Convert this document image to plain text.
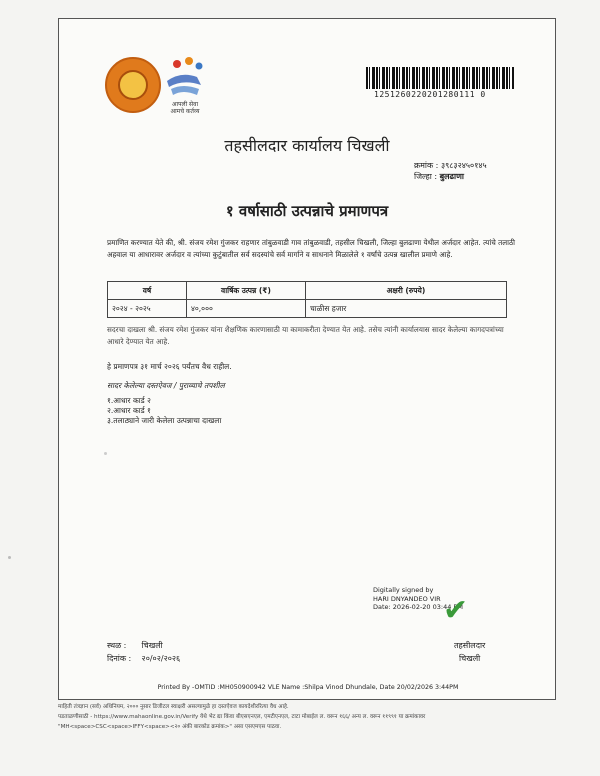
आपली सेवा
आमचे कर्तव्य
1251260220201280111 0
तहसीलदार कार्यालय चिखली
क्रमांक : ३९८३२४५०१४५
जिल्हा : बुलढाणा
१ वर्षासाठी उत्पन्नाचे प्रमाणपत्र
प्रमाणित करण्यात येते की, श्री. संजय रमेश गुंजकर राहणार तांबुळवाडी गाव तांबुळवाडी, तहसील चिखली, जिल्हा बुलढाणा येथील अर्जदार आहेत. त्यांचे तलाठी अहवाल या आधारावर अर्जदार व त्यांच्या कुटुंबातील सर्व सदस्यांचे सर्व मार्गाने व साधनाने मिळालेले १ वर्षांचे उत्पन्न खालील प्रमाणे आहे.
वर्ष	वार्षिक उत्पन्न (₹)	अक्षरी (रुपये)
२०२४ - २०२५	४०,०००	चाळीस हजार
सदरचा दाखला श्री. संजय रमेश गुंजकर यांना शैक्षणिक कारणासाठी या कामाकरीता देण्यात येत आहे. तसेच त्यांनी कार्यालयास सादर केलेल्या कागदपत्रांच्या आधारे देण्यात येत आहे.
हे प्रमाणपत्र ३१ मार्च २०२६ पर्यंतच वैध राहील.
सादर केलेल्या दस्तऐवज / पुराव्याचे तपशील
१.आधार कार्ड २
२.आधार कार्ड १
३.तलाठ्याने जारी केलेला उत्पन्नाचा दाखला
Digitally signed by
HARI DNYANDEO VIR
Date: 2026-02-20 03:44 PM
✔
स्थळ : चिखली
दिनांक : २०/०२/२०२६
तहसीलदार
चिखली
Printed By -OMTID :MH050900942 VLE Name :Shilpa Vinod Dhundale, Date 20/02/2026 3:44PM
माहिती तंत्रज्ञान (सर्व) अधिनियम, २००० नुसार डिजीटल स्वाक्षरी असल्यामुळे हा दस्तऐवज कायदेशीररित्या वैध आहे.
पडताळणीसाठी - https://www.mahaonline.gov.in/Verify येथे भेट द्या किंवा बीएसएनएल, एमटीएनएल, टाटा मोबाईल ल. वरून १६६/ अन्य ल. वरून ११९९१ या क्रमांकावर
"MH<space>CSC<space>IFFY<space><२० अंकी बारकोड क्रमांक>" असा एसएमएस पाठवा.
